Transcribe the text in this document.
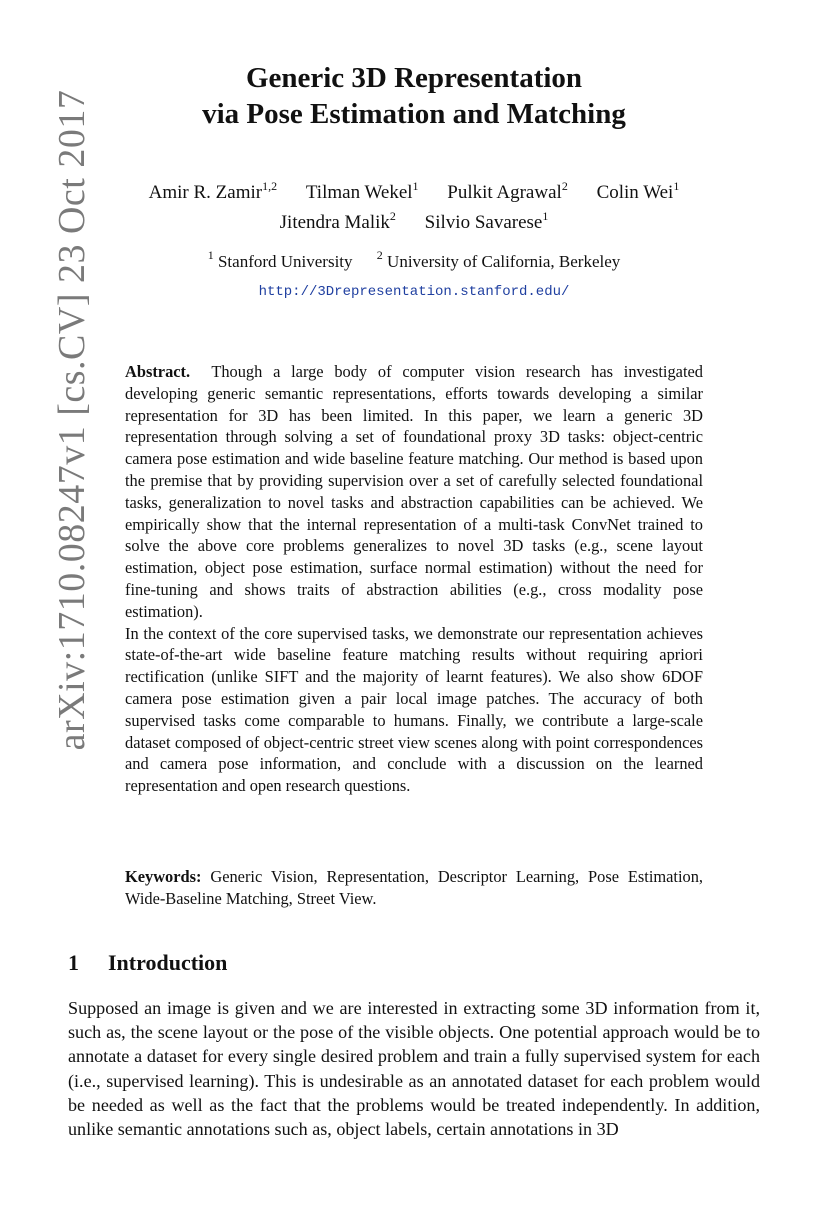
arXiv:1710.08247v1 [cs.CV] 23 Oct 2017
Generic 3D Representation
via Pose Estimation and Matching
Amir R. Zamir$^{1,2}$ Tilman Wekel$^1$ Pulkit Agrawal$^2$ Colin Wei$^1$
Jitendra Malik$^2$ Silvio Savarese$^1$
$^1$ Stanford University $^2$ University of California, Berkeley
http://3Drepresentation.stanford.edu/

Abstract. Though a large body of computer vision research has investigated developing generic semantic representations, efforts towards developing a similar representation for 3D has been limited. In this paper, we learn a generic 3D representation through solving a set of foundational proxy 3D tasks: object-centric camera pose estimation and wide baseline feature matching. Our method is based upon the premise that by providing supervision over a set of carefully selected foundational tasks, generalization to novel tasks and abstraction capabilities can be achieved. We empirically show that the internal representation of a multi-task ConvNet trained to solve the above core problems generalizes to novel 3D tasks (e.g., scene layout estimation, object pose estimation, surface normal estimation) without the need for fine-tuning and shows traits of abstraction abilities (e.g., cross modality pose estimation).

In the context of the core supervised tasks, we demonstrate our representation achieves state-of-the-art wide baseline feature matching results without requiring apriori rectification (unlike SIFT and the majority of learnt features). We also show 6DOF camera pose estimation given a pair local image patches. The accuracy of both supervised tasks come comparable to humans. Finally, we contribute a large-scale dataset composed of object-centric street view scenes along with point correspondences and camera pose information, and conclude with a discussion on the learned representation and open research questions.

Keywords: Generic Vision, Representation, Descriptor Learning, Pose Estimation, Wide-Baseline Matching, Street View.
1 Introduction

Supposed an image is given and we are interested in extracting some 3D information from it, such as, the scene layout or the pose of the visible objects. One potential approach would be to annotate a dataset for every single desired problem and train a fully supervised system for each (i.e., supervised learning). This is undesirable as an annotated dataset for each problem would be needed as well as the fact that the problems would be treated independently. In addition, unlike semantic annotations such as, object labels, certain annotations in 3D
